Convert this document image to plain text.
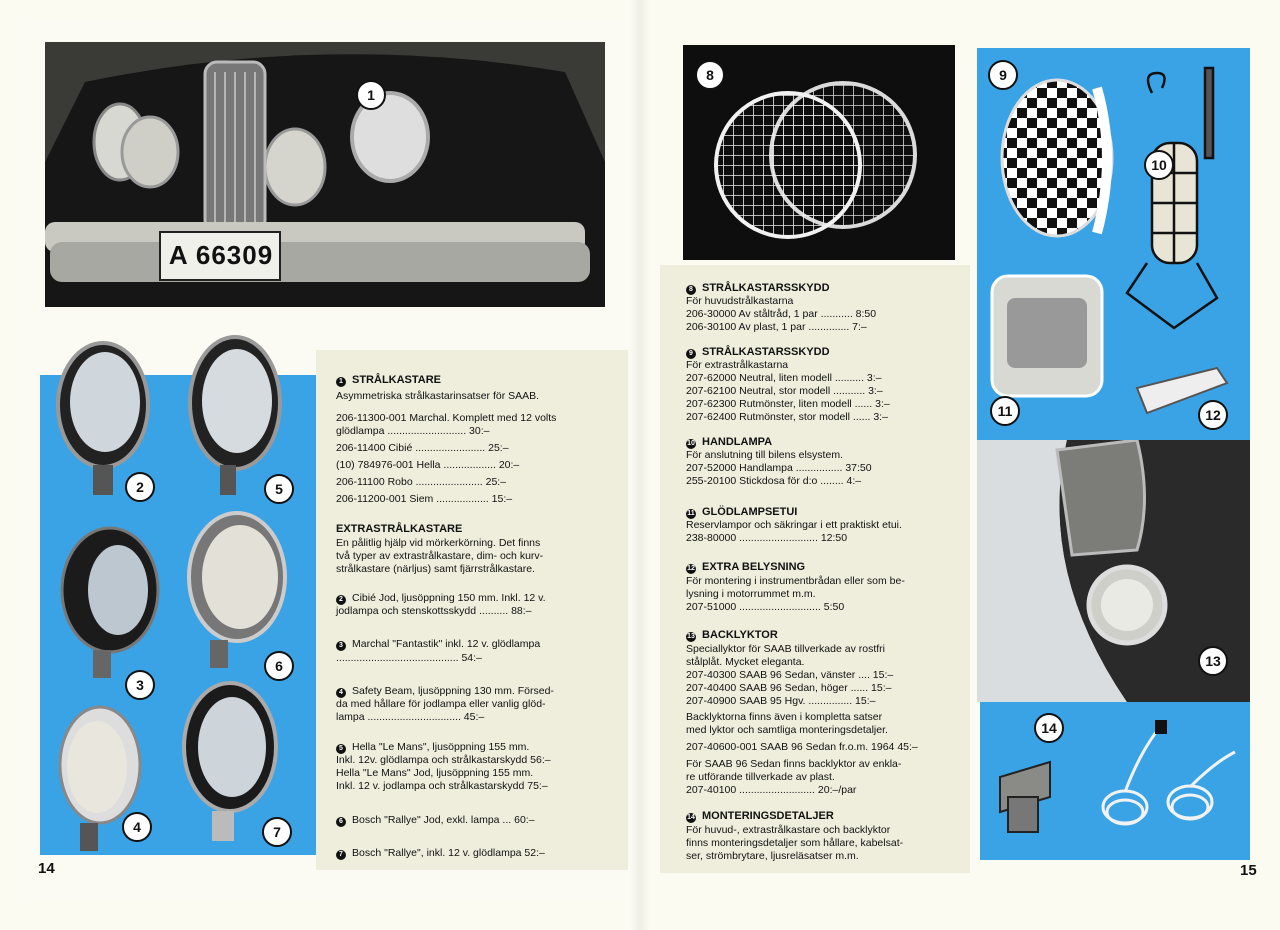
A 66309
1
2	5
3
6
4	7
1 STRÅLKASTARE
Asymmetriska strålkastarinsatser för SAAB.
206-11300-001 Marchal. Komplett med 12 volts
glödlampa ........................... 30:–
206-11400 Cibié ........................ 25:–
(10) 784976-001 Hella .................. 20:–
206-11100 Robo ....................... 25:–
206-11200-001 Siem .................. 15:–
EXTRASTRÅLKASTARE
En pålitlig hjälp vid mörkerkörning. Det finns
två typer av extrastrålkastare, dim- och kurv-
strålkastare (närljus) samt fjärrstrålkastare.
2 Cibié Jod, ljusöppning 150 mm. Inkl. 12 v.
jodlampa och stenskottsskydd .......... 88:–
3 Marchal "Fantastik" inkl. 12 v. glödlampa
.......................................... 54:–
4 Safety Beam, ljusöppning 130 mm. Försed-
da med hållare för jodlampa eller vanlig glöd-
lampa ................................ 45:–
5 Hella "Le Mans", ljusöppning 155 mm.
Inkl. 12v. glödlampa och strålkastarskydd 56:–
Hella "Le Mans" Jod, ljusöppning 155 mm.
Inkl. 12 v. jodlampa och strålkastarskydd 75:–
6 Bosch "Rallye" Jod, exkl. lampa ... 60:–
7 Bosch "Rallye", inkl. 12 v. glödlampa 52:–
14
8
8 STRÅLKASTARSSKYDD
För huvudstrålkastarna
206-30000 Av ståltråd, 1 par ........... 8:50
206-30100 Av plast, 1 par .............. 7:–
9 STRÅLKASTARSSKYDD
För extrastrålkastarna
207-62000 Neutral, liten modell .......... 3:–
207-62100 Neutral, stor modell ........... 3:–
207-62300 Rutmönster, liten modell ...... 3:–
207-62400 Rutmönster, stor modell ...... 3:–
10 HANDLAMPA
För anslutning till bilens elsystem.
207-52000 Handlampa ................ 37:50
255-20100 Stickdosa för d:o ........ 4:–
11 GLÖDLAMPSETUI
Reservlampor och säkringar i ett praktiskt etui.
238-80000 ........................... 12:50
12 EXTRA BELYSNING
För montering i instrumentbrådan eller som be-
lysning i motorrummet m.m.
207-51000 ............................ 5:50
13 BACKLYKTOR
Speciallyktor för SAAB tillverkade av rostfri
stålplåt. Mycket eleganta.
207-40300 SAAB 96 Sedan, vänster .... 15:–
207-40400 SAAB 96 Sedan, höger ...... 15:–
207-40900 SAAB 95 Hgv. ............... 15:–
Backlyktorna finns även i kompletta satser
med lyktor och samtliga monteringsdetaljer.
207-40600-001 SAAB 96 Sedan fr.o.m. 1964 45:–
För SAAB 96 Sedan finns backlyktor av enkla-
re utförande tillverkade av plast.
207-40100 .......................... 20:–/par
14 MONTERINGSDETALJER
För huvud-, extrastrålkastare och backlyktor
finns monteringsdetaljer som hållare, kabelsat-
ser, strömbrytare, ljusreläsatser m.m.
9
10
11	12
13
14
15
